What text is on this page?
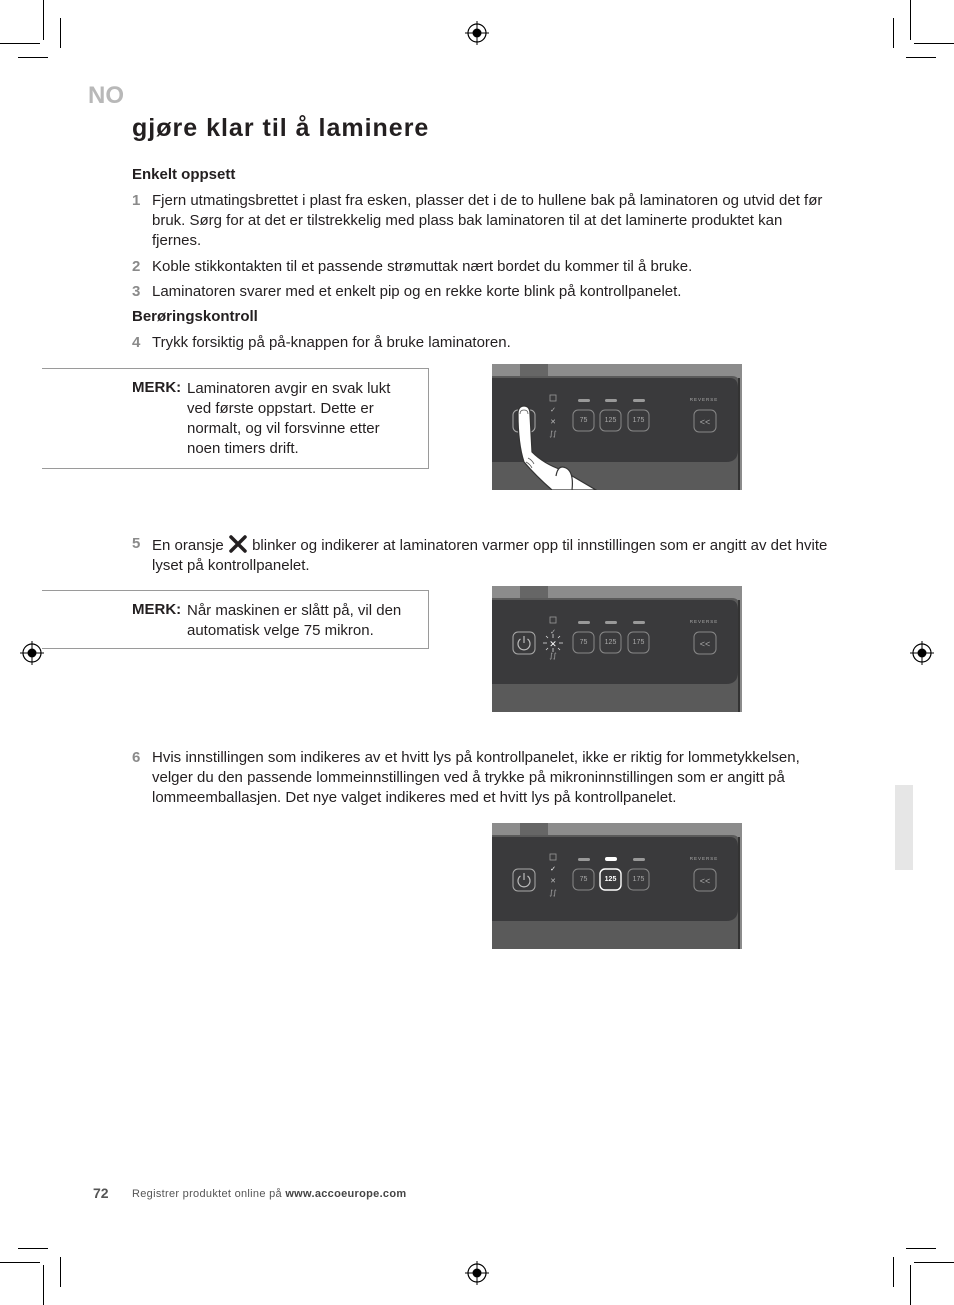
NO
gjøre klar til å laminere
Enkelt oppsett
1 Fjern utmatingsbrettet i plast fra esken, plasser det i de to hullene bak på laminatoren og utvid det før bruk. Sørg for at det er tilstrekkelig med plass bak laminatoren til at det laminerte produktet kan fjernes.
2 Koble stikkontakten til et passende strømuttak nært bordet du kommer til å bruke.
3 Laminatoren svarer med et enkelt pip og en rekke korte blink på kontrollpanelet.
Berøringskontroll
4 Trykk forsiktig på på-knappen for å bruke laminatoren.
MERK: Laminatoren avgir en svak lukt ved første oppstart. Dette er normalt, og vil forsvinne etter noen timers drift.
✓
✕
∫∫
75 125 175
REVERSE
<<
5 En oransje blinker og indikerer at laminatoren varmer opp til innstillingen som er angitt av det hvite lyset på kontrollpanelet.
MERK: Når maskinen er slått på, vil den automatisk velge 75 mikron.	✓
✕
∫∫
75 125 175
REVERSE
<<
6 Hvis innstillingen som indikeres av et hvitt lys på kontrollpanelet, ikke er riktig for lommetykkelsen, velger du den passende lommeinnstillingen ved å trykke på mikroninnstillingen som er angitt på lommeemballasjen. Det nye valget indikeres med et hvitt lys på kontrollpanelet.
✓
✕
∫∫
75 125 175
REVERSE
<<
72 Registrer produktet online på www.accoeurope.com
